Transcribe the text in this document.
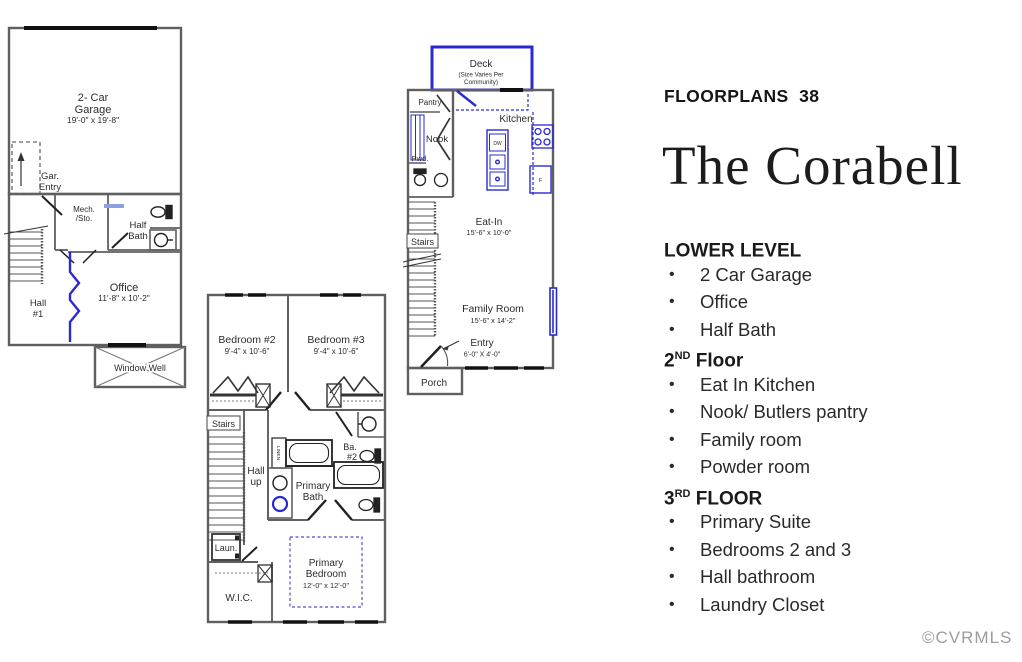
2- Car
Garage
19'-0" x 19'-8"
Gar.
Entry
Mech.
/Sto.
Half
Bath
Office
11'-8" x 10'-2"
Hall
#1
Window Well
Deck
(Size Varies Per
Community)
Pantry
Nook
Pwd.
Kitchen
DW
F
Stairs
Eat-In
15'-6" x 10'-0"
Family Room
15'-6" x 14'-2"
Entry
6'-0" X 4'-0"
Porch
Bedroom #2
9'-4" x 10'-6"
Bedroom #3
9'-4" x 10'-6"
Stairs
Hall
up
LINEN	Ba.
#2
Primary
Bath
Laun.
W.I.C.
Primary
Bedroom
12'-0" x 12'-0"
FLOORPLANS  38
The Corabell
LOWER LEVEL
•	2 Car Garage
•	Office
•	Half Bath
2ND Floor
•	Eat In Kitchen
•	Nook/ Butlers pantry
•	Family room
•	Powder room
3RD FLOOR
•	Primary Suite
•	Bedrooms 2 and 3
•	Hall bathroom
•	Laundry Closet
©CVRMLS
